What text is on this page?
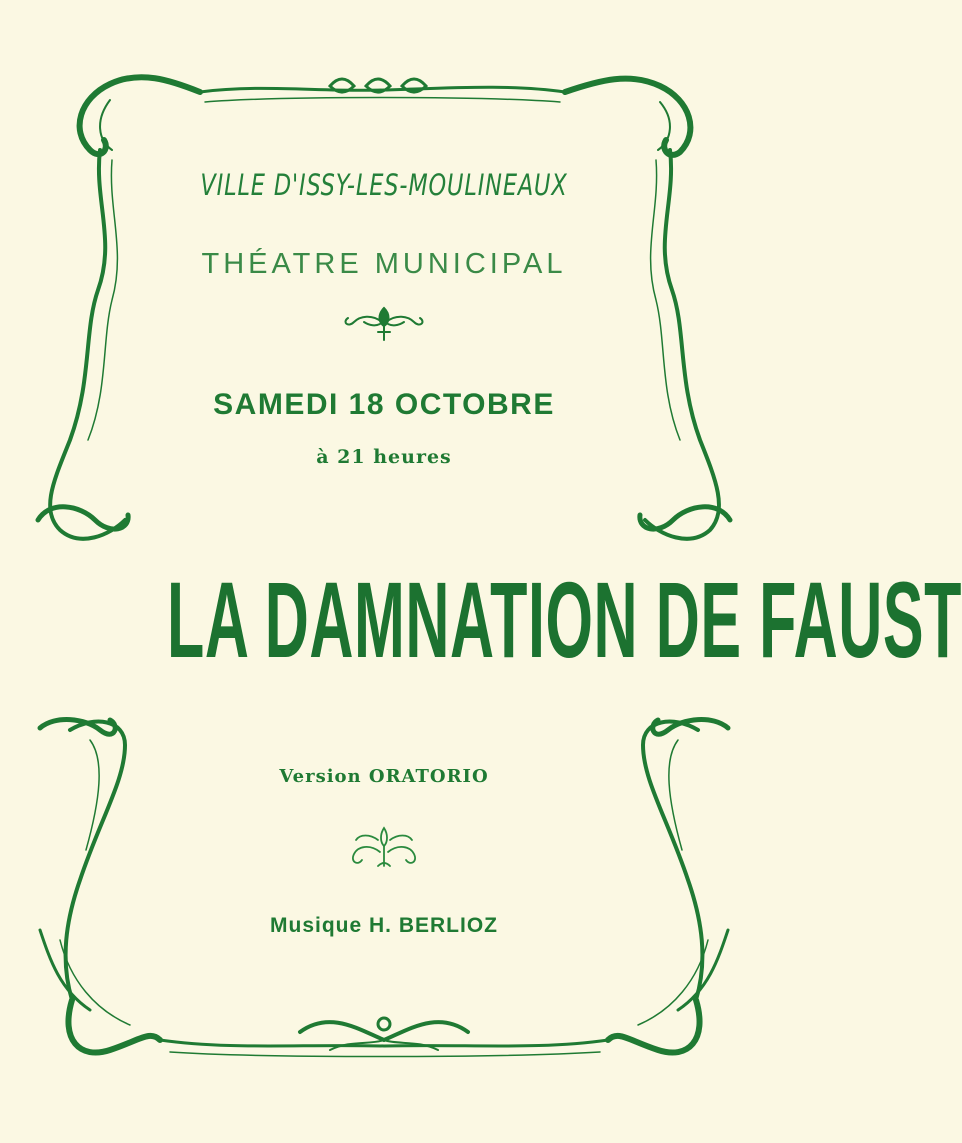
VILLE D'ISSY-LES-MOULINEAUX
THÉATRE MUNICIPAL
SAMEDI 18 OCTOBRE
à 21 heures
LA DAMNATION DE FAUST
Version ORATORIO
Musique H. BERLIOZ
